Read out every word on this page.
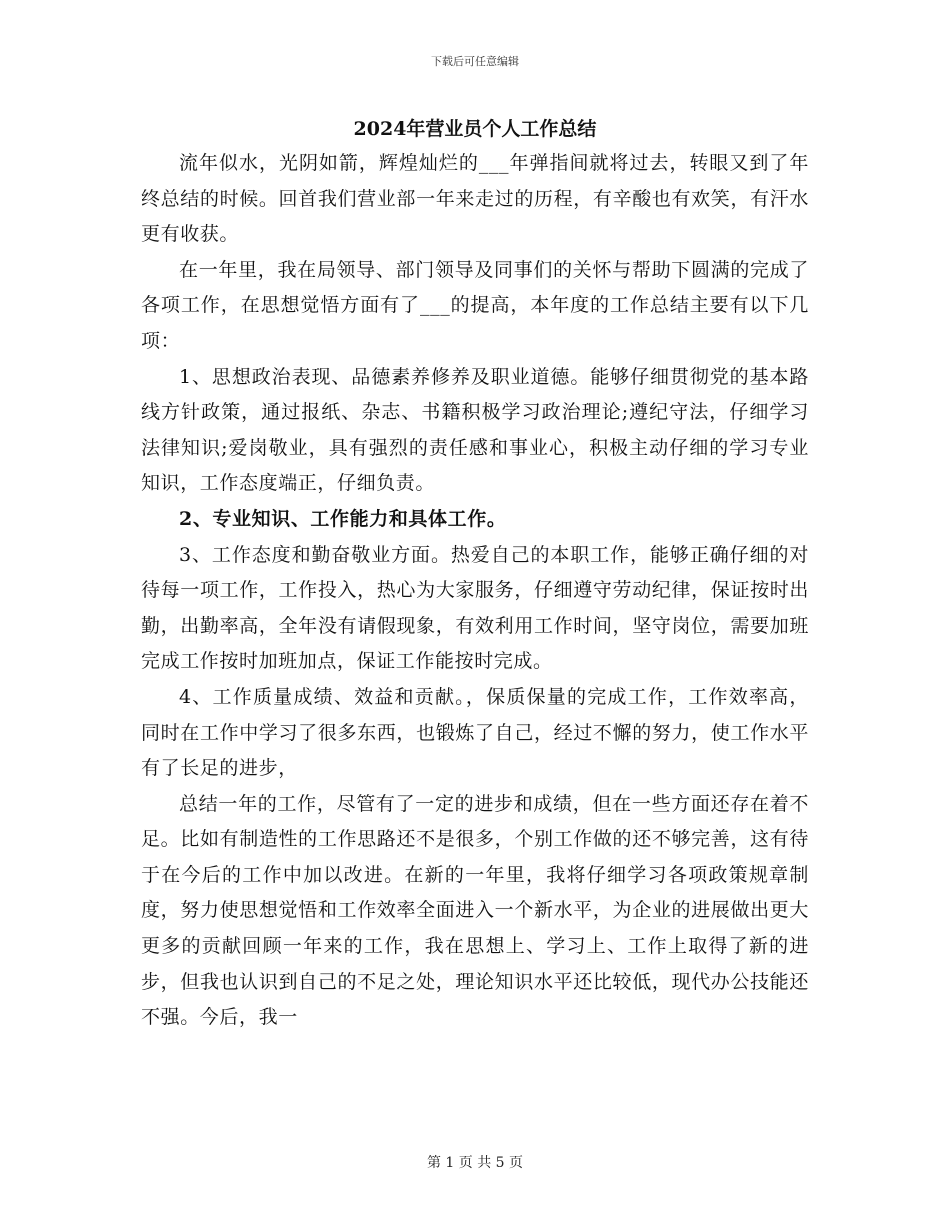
下载后可任意编辑
2024年营业员个人工作总结

流年似水，光阴如箭，辉煌灿烂的___年弹指间就将过去，转眼又到了年终总结的时候。回首我们营业部一年来走过的历程，有辛酸也有欢笑，有汗水更有收获。

在一年里，我在局领导、部门领导及同事们的关怀与帮助下圆满的完成了各项工作，在思想觉悟方面有了___的提高，本年度的工作总结主要有以下几项：

1、思想政治表现、品德素养修养及职业道德。能够仔细贯彻党的基本路线方针政策，通过报纸、杂志、书籍积极学习政治理论;遵纪守法，仔细学习法律知识;爱岗敬业，具有强烈的责任感和事业心，积极主动仔细的学习专业知识，工作态度端正，仔细负责。

2、专业知识、工作能力和具体工作。

3、工作态度和勤奋敬业方面。热爱自己的本职工作，能够正确仔细的对待每一项工作，工作投入，热心为大家服务，仔细遵守劳动纪律，保证按时出勤，出勤率高，全年没有请假现象，有效利用工作时间，坚守岗位，需要加班完成工作按时加班加点，保证工作能按时完成。

4、工作质量成绩、效益和贡献。，保质保量的完成工作，工作效率高，同时在工作中学习了很多东西，也锻炼了自己，经过不懈的努力，使工作水平有了长足的进步，

总结一年的工作，尽管有了一定的进步和成绩，但在一些方面还存在着不足。比如有制造性的工作思路还不是很多，个别工作做的还不够完善，这有待于在今后的工作中加以改进。在新的一年里，我将仔细学习各项政策规章制度，努力使思想觉悟和工作效率全面进入一个新水平，为企业的进展做出更大更多的贡献回顾一年来的工作，我在思想上、学习上、工作上取得了新的进步，但我也认识到自己的不足之处，理论知识水平还比较低，现代办公技能还不强。今后，我一

第 1 页 共 5 页
